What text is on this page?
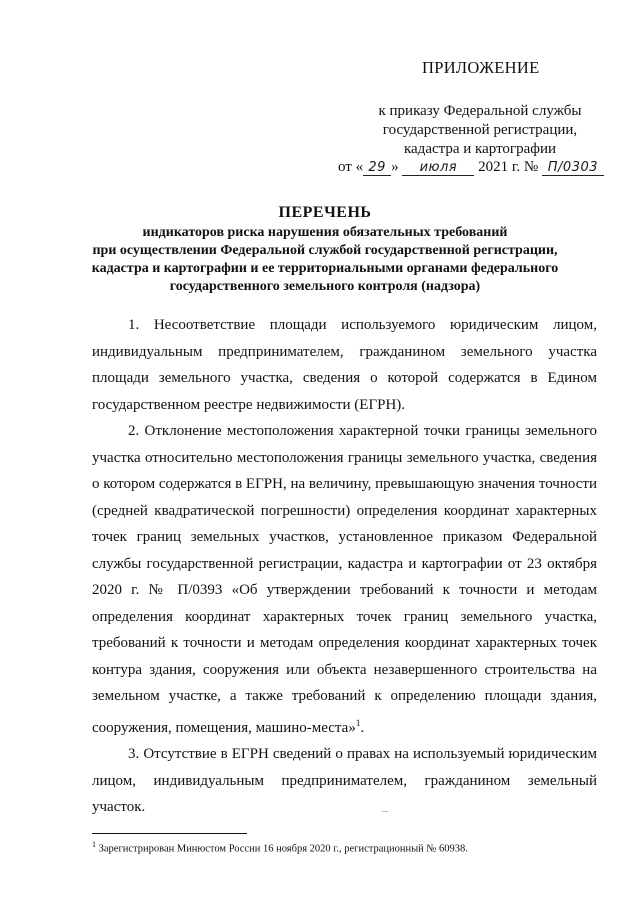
ПРИЛОЖЕНИЕ
к приказу Федеральной службы
государственной регистрации,
кадастра и картографии
от « 29 » июля 2021 г. № П/0303
ПЕРЕЧЕНЬ
индикаторов риска нарушения обязательных требований
при осуществлении Федеральной службой государственной регистрации,
кадастра и картографии и ее территориальными органами федерального
государственного земельного контроля (надзора)

1. Несоответствие площади используемого юридическим лицом, индивидуальным предпринимателем, гражданином земельного участка площади земельного участка, сведения о которой содержатся в Едином государственном реестре недвижимости (ЕГРН).

2. Отклонение местоположения характерной точки границы земельного участка относительно местоположения границы земельного участка, сведения о котором содержатся в ЕГРН, на величину, превышающую значения точности (средней квадратической погрешности) определения координат характерных точек границ земельных участков, установленное приказом Федеральной службы государственной регистрации, кадастра и картографии от 23 октября 2020 г. № П/0393 «Об утверждении требований к точности и методам определения координат характерных точек границ земельного участка, требований к точности и методам определения координат характерных точек контура здания, сооружения или объекта незавершенного строительства на земельном участке, а также требований к определению площади здания, сооружения, помещения, машино-места»$^1$.

3. Отсутствие в ЕГРН сведений о правах на используемый юридическим лицом, индивидуальным предпринимателем, гражданином земельный участок.

$^1$ Зарегистрирован Минюстом России 16 ноября 2020 г., регистрационный № 60938.
